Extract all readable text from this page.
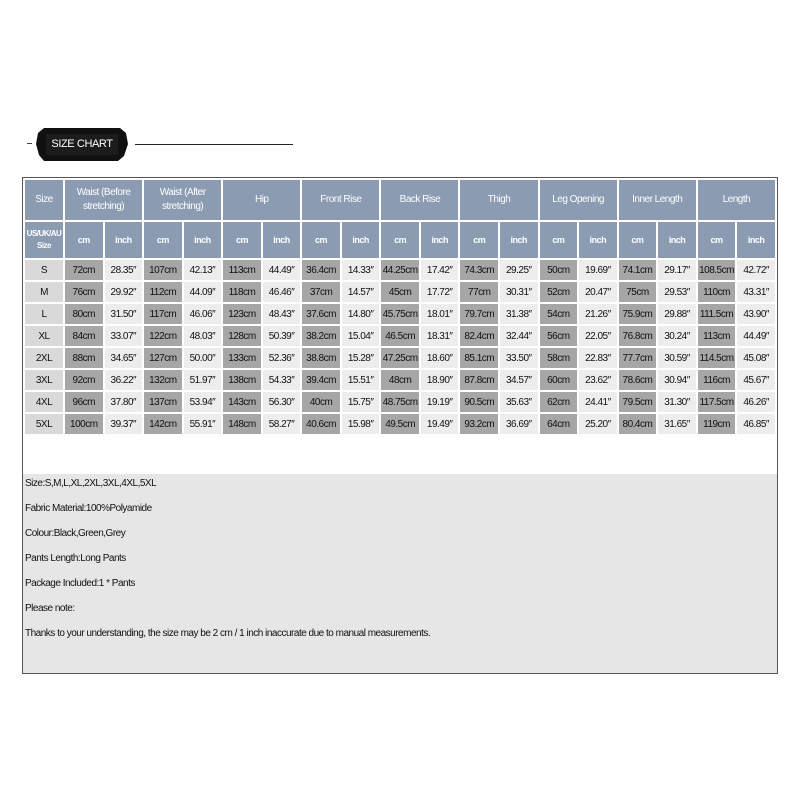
SIZE CHART
Size	Waist (Before stretching)		Waist (After stretching)		Hip		Front Rise		Back Rise		Thigh		Leg Opening		Inner Length		Length	
US/UK/AU Size	cm	inch	cm	inch	cm	inch	cm	inch	cm	inch	cm	inch	cm	inch	cm	inch	cm	inch
S	72cm	28.35″	107cm	42.13″	113cm	44.49″	36.4cm	14.33″	44.25cm	17.42″	74.3cm	29.25″	50cm	19.69″	74.1cm	29.17″	108.5cm	42.72″
M	76cm	29.92″	112cm	44.09″	118cm	46.46″	37cm	14.57″	45cm	17.72″	77cm	30.31″	52cm	20.47″	75cm	29.53″	110cm	43.31″
L	80cm	31.50″	117cm	46.06″	123cm	48.43″	37.6cm	14.80″	45.75cm	18.01″	79.7cm	31.38″	54cm	21.26″	75.9cm	29.88″	111.5cm	43.90″
XL	84cm	33.07″	122cm	48.03″	128cm	50.39″	38.2cm	15.04″	46.5cm	18.31″	82.4cm	32.44″	56cm	22.05″	76.8cm	30.24″	113cm	44.49″
2XL	88cm	34.65″	127cm	50.00″	133cm	52.36″	38.8cm	15.28″	47.25cm	18.60″	85.1cm	33.50″	58cm	22.83″	77.7cm	30.59″	114.5cm	45.08″
3XL	92cm	36.22″	132cm	51.97″	138cm	54.33″	39.4cm	15.51″	48cm	18.90″	87.8cm	34.57″	60cm	23.62″	78.6cm	30.94″	116cm	45.67″
4XL	96cm	37.80″	137cm	53.94″	143cm	56.30″	40cm	15.75″	48.75cm	19.19″	90.5cm	35.63″	62cm	24.41″	79.5cm	31.30″	117.5cm	46.26″
5XL	100cm	39.37″	142cm	55.91″	148cm	58.27″	40.6cm	15.98″	49.5cm	19.49″	93.2cm	36.69″	64cm	25.20″	80.4cm	31.65″	119cm	46.85″
Size:S,M,L,XL,2XL,3XL,4XL,5XL
Fabric Material:100%Polyamide
Colour:Black,Green,Grey
Pants Length:Long Pants
Package Included:1 * Pants
Please note:
Thanks to your understanding, the size may be 2 cm / 1 inch inaccurate due to manual measurements.
